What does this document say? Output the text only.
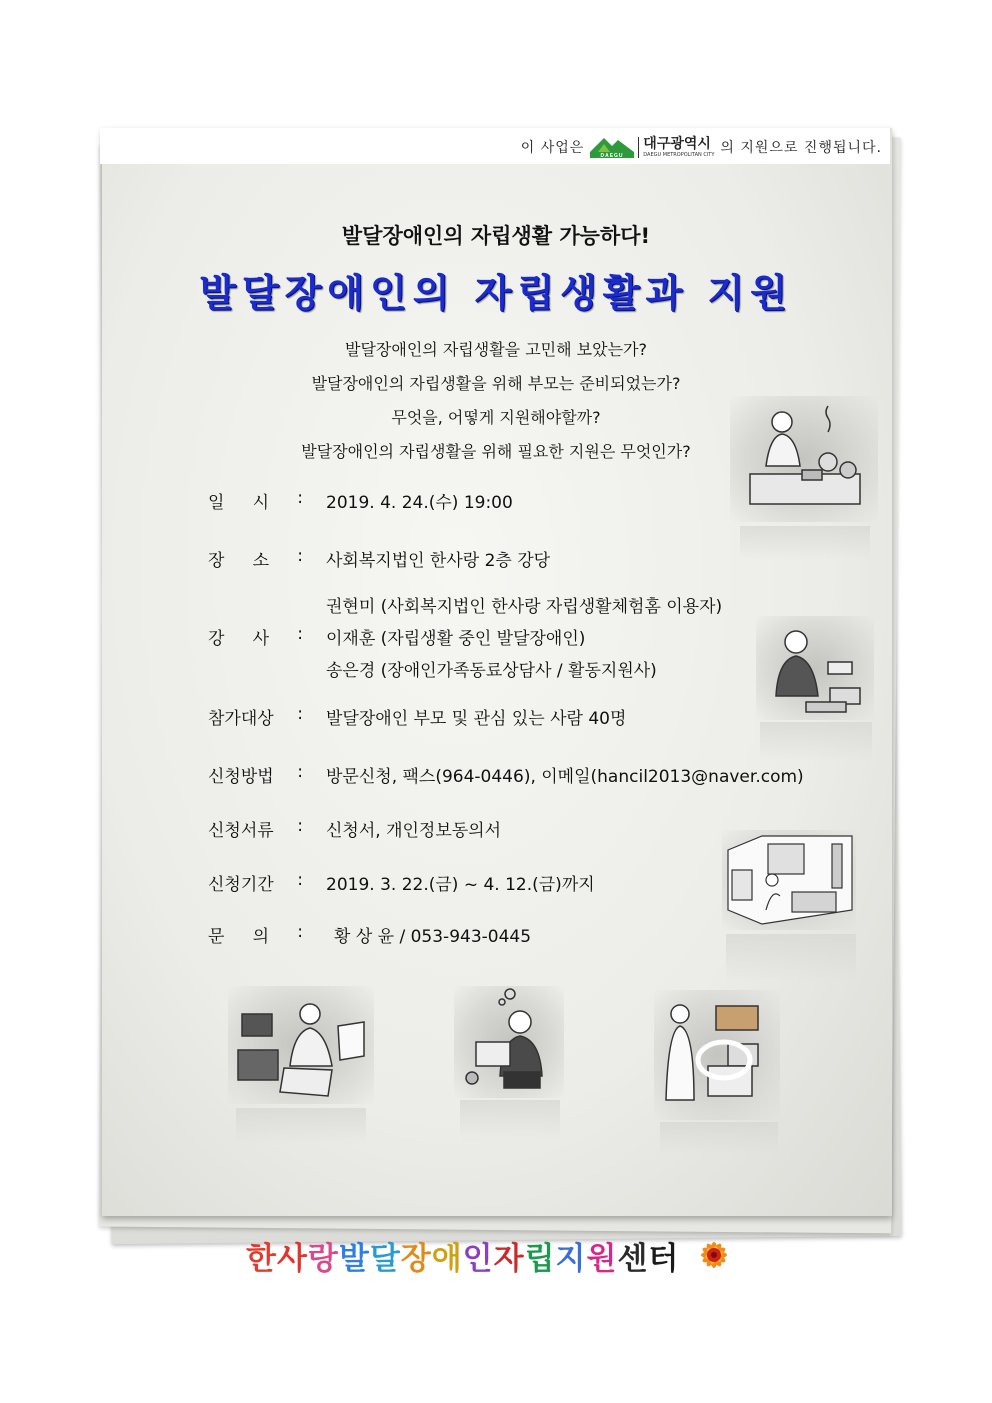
이 사업은	DAEGU
대구광역시
DAEGU METROPOLITAN CITY 의 지원으로 진행됩니다.
발달장애인의 자립생활 가능하다!
발달장애인의 자립생활과 지원
발달장애인의 자립생활을 고민해 보았는가?
발달장애인의 자립생활을 위해 부모는 준비되었는가?
무엇을, 어떻게 지원해야할까?
발달장애인의 자립생활을 위해 필요한 지원은 무엇인가?
일 시 : 2019. 4. 24.(수) 19:00
장 소 : 사회복지법인 한사랑 2층 강당
강 사 :
권현미 (사회복지법인 한사랑 자립생활체험홈 이용자)
이재훈 (자립생활 중인 발달장애인)
송은경 (장애인가족동료상담사 / 활동지원사)
참가대상 : 발달장애인 부모 및 관심 있는 사람 40명
신청방법 : 방문신청, 팩스(964-0446), 이메일(hancil2013@naver.com)
신청서류 : 신청서, 개인정보동의서
신청기간 : 2019. 3. 22.(금) ~ 4. 12.(금)까지
문 의 : 황 상 윤 / 053-943-0445
한 사 랑 발 달 장 애 인 자 립 지 원 센 터
